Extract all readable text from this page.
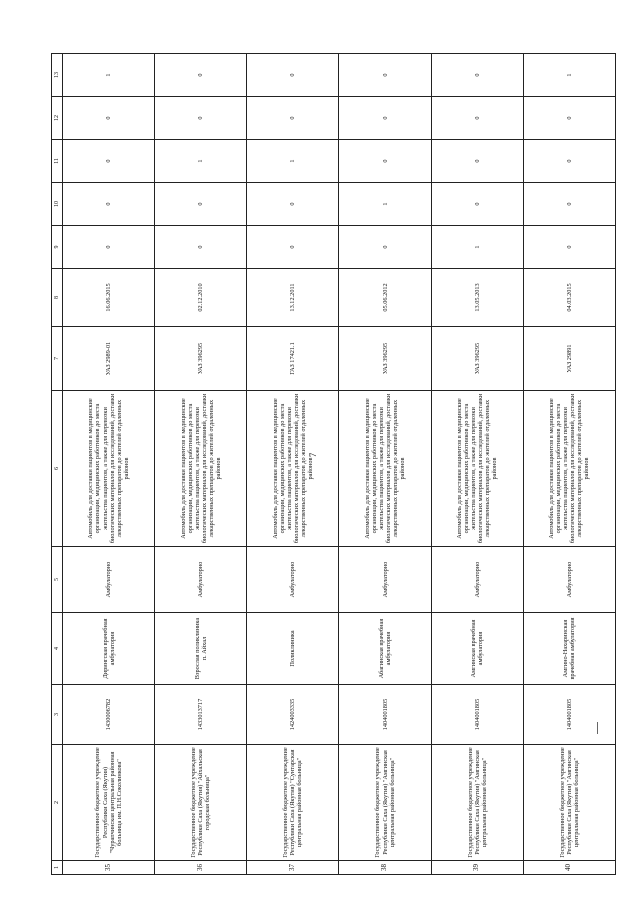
7
1	2	3	4	5	6	7	8	9	10	11	12	13
35	Государственное бюджетное учреждение Республики Саха (Якутия) "Чурапчинская центральная районная больница им. П.Н.Соколинкова"	1430006782	Дирингская врачебная амбулатория	Амбулаторно	Автомобиль для доставки пациентов в медицинские организации, медицинских работников до места жительства пациентов, а также для перевозки биологических материалов для исследований, доставки лекарственных препаратов до жителей отдаленных районов	УАЗ 2989-01	16.06.2015	0	0	0	0	1
36	Государственное бюджетное учреждение Республики Саха (Якутия) "Айхальская городская больница"	1433013717	Взрослая поликлиника п. Айхал	Амбулаторно	Автомобиль для доставки пациентов в медицинские организации, медицинских работников до места жительства пациентов, а также для перевозки биологических материалов для исследований, доставки лекарственных препаратов до жителей отдаленных районов	УАЗ 396295	02.12.2010	0	0	1	0	0
37	Государственное бюджетное учреждение Республики Саха (Якутия) "Сунтарская центральная районная больница"	1424003335	Поликлиника	Амбулаторно	Автомобиль для доставки пациентов в медицинские организации, медицинских работников до места жительства пациентов, а также для перевозки биологических материалов для исследований, доставки лекарственных препаратов до жителей отдаленных районов	ГАЗ 17421.1	13.12.2011	0	0	1	0	0
38	Государственное бюджетное учреждение Республики Саха (Якутия) "Амгинская центральная районная больница"	1404001805	Абагинская врачебная амбулатория	Амбулаторно	Автомобиль для доставки пациентов в медицинские организации, медицинских работников до места жительства пациентов, а также для перевозки биологических материалов для исследований, доставки лекарственных препаратов до жителей отдаленных районов	УАЗ 396295	05.06.2012	0	1	0	0	0
39	Государственное бюджетное учреждение Республики Саха (Якутия) "Амгинская центральная районная больница"	1404001805	Амгинская врачебная амбулатория	Амбулаторно	Автомобиль для доставки пациентов в медицинские организации, медицинских работников до места жительства пациентов, а также для перевозки биологических материалов для исследований, доставки лекарственных препаратов до жителей отдаленных районов	УАЗ 396295	13.05.2013	1	0	0	0	0
40	Государственное бюджетное учреждение Республики Саха (Якутия) "Амгинская центральная районная больница"	1404001805	Амгино-Нахаринская врачебная амбулатория	Амбулаторно	Автомобиль для доставки пациентов в медицинские организации, медицинских работников до места жительства пациентов, а также для перевозки биологических материалов для исследований, доставки лекарственных препаратов до жителей отдаленных районов	УАЗ 29891	04.03.2015	0	0	0	0	1
